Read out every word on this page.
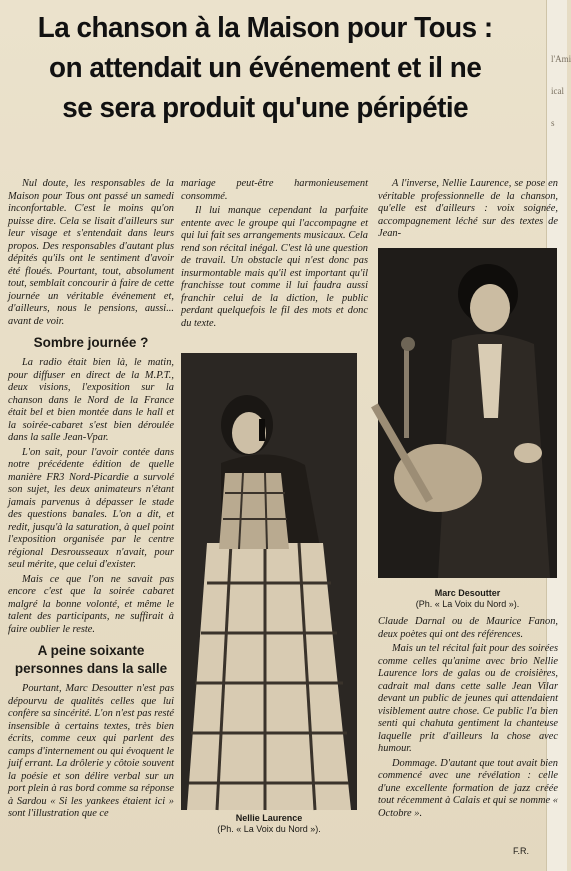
l'Ami
ical
s
La chanson à la Maison pour Tous :
on attendait un événement et il ne
se sera produit qu'une péripétie

Nul doute, les responsables de la Maison pour Tous ont passé un samedi inconfortable. C'est le moins qu'on puisse dire. Cela se lisait d'ailleurs sur leur visage et s'entendait dans leurs propos. Des responsables d'autant plus dépités qu'ils ont le sentiment d'avoir été floués. Pourtant, tout, absolument tout, semblait concourir à faire de cette journée un véritable événement et, d'ailleurs, nous le pensions, aussi... avant de voir.

Sombre journée ?

La radio était bien là, le matin, pour diffuser en direct de la M.P.T., deux visions, l'exposition sur la chanson dans le Nord de la France était bel et bien montée dans le hall et la soirée-cabaret s'est bien déroulée dans la salle Jean-Vpar.

L'on sait, pour l'avoir contée dans notre précédente édition de quelle manière FR3 Nord-Picardie a survolé son sujet, les deux animateurs n'étant jamais parvenus à dépasser le stade des questions banales. L'on a dit, et redit, jusqu'à la saturation, à quel point l'exposition organisée par le centre régional Desrousseaux n'avait, pour seul mérite, que celui d'exister.

Mais ce que l'on ne savait pas encore c'est que la soirée cabaret malgré la bonne volonté, et même le talent des participants, ne suffirait à faire oublier le reste.

A peine soixante personnes dans la salle

Pourtant, Marc Desoutter n'est pas dépourvu de qualités celles que lui confère sa sincérité. L'on n'est pas resté insensible à certains textes, très bien écrits, comme ceux qui parlent des camps d'internement ou qui évoquent le juif errant. La drôlerie y côtoie souvent la poésie et son délire verbal sur un port plein à ras bord comme sa réponse à Sardou « Si les yankees étaient ici » sont l'illustration que ce

mariage peut-être harmonieusement consommé.

Il lui manque cependant la parfaite entente avec le groupe qui l'accompagne et qui lui fait ses arrangements musicaux. Cela rend son récital inégal. C'est là une question de travail. Un obstacle qui n'est donc pas insurmontable mais qu'il est important qu'il franchisse tout comme il lui faudra aussi franchir celui de la diction, le public perdant quelquefois le fil des mots et donc du texte.

Nellie Laurence
(Ph. « La Voix du Nord »).

A l'inverse, Nellie Laurence, se pose en véritable professionnelle de la chanson, qu'elle est d'ailleurs : voix soignée, accompagnement léché sur des textes de Jean-

Marc Desoutter
(Ph. « La Voix du Nord »).

Claude Darnal ou de Maurice Fanon, deux poètes qui ont des références.

Mais un tel récital fait pour des soirées comme celles qu'anime avec brio Nellie Laurence lors de galas ou de croisières, cadrait mal dans cette salle Jean Vilar devant un public de jeunes qui attendaient visiblement autre chose. Ce public l'a bien senti qui chahuta gentiment la chanteuse laquelle prit d'ailleurs la chose avec humour.

Dommage. D'autant que tout avait bien commencé avec une révélation : celle d'une excellente formation de jazz créée tout récemment à Calais et qui se nomme « Octobre ».

F.R.
